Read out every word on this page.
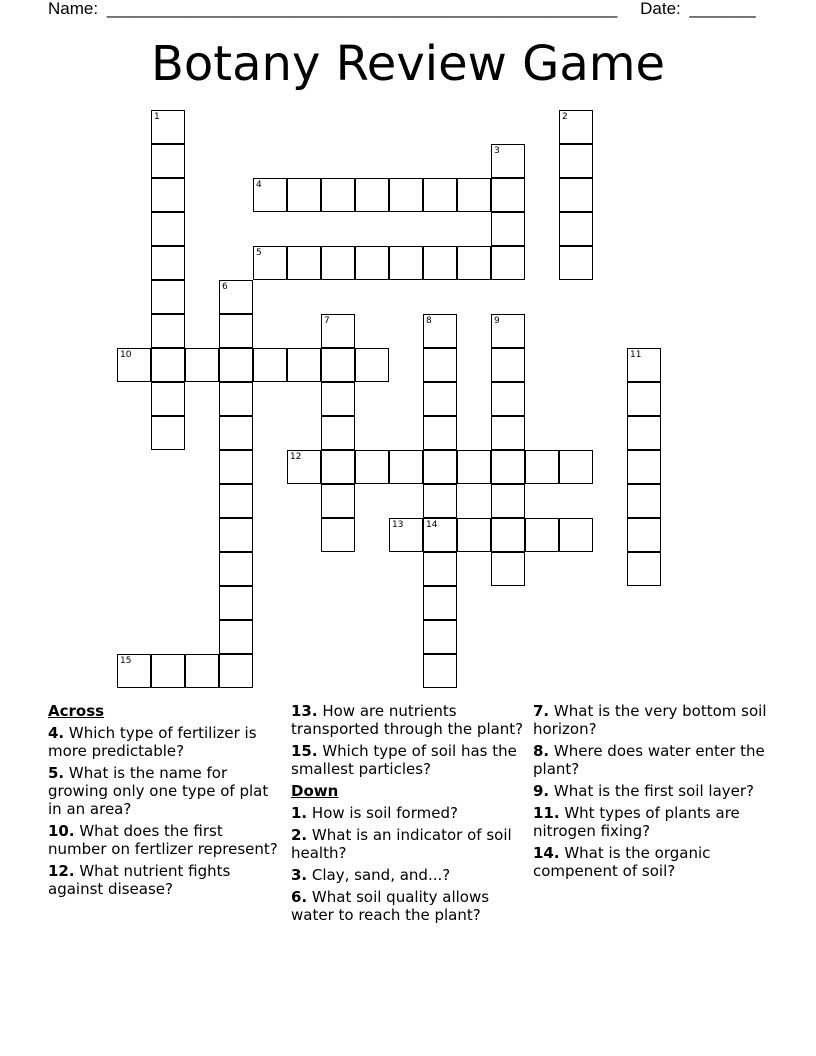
Name: ______________________________________________________ Date: _______
Botany Review Game
1	2
3
4
5
6
7	8	9
10	11
12
13	14
15
Across
4. Which type of fertilizer is more predictable?
5. What is the name for growing only one type of plat in an area?
10. What does the first number on fertlizer represent?
12. What nutrient fights against disease?
13. How are nutrients transported through the plant?
15. Which type of soil has the smallest particles?
Down
1. How is soil formed?
2. What is an indicator of soil health?
3. Clay, sand, and...?
6. What soil quality allows water to reach the plant?
7. What is the very bottom soil horizon?
8. Where does water enter the plant?
9. What is the first soil layer?
11. Wht types of plants are nitrogen fixing?
14. What is the organic compenent of soil?
